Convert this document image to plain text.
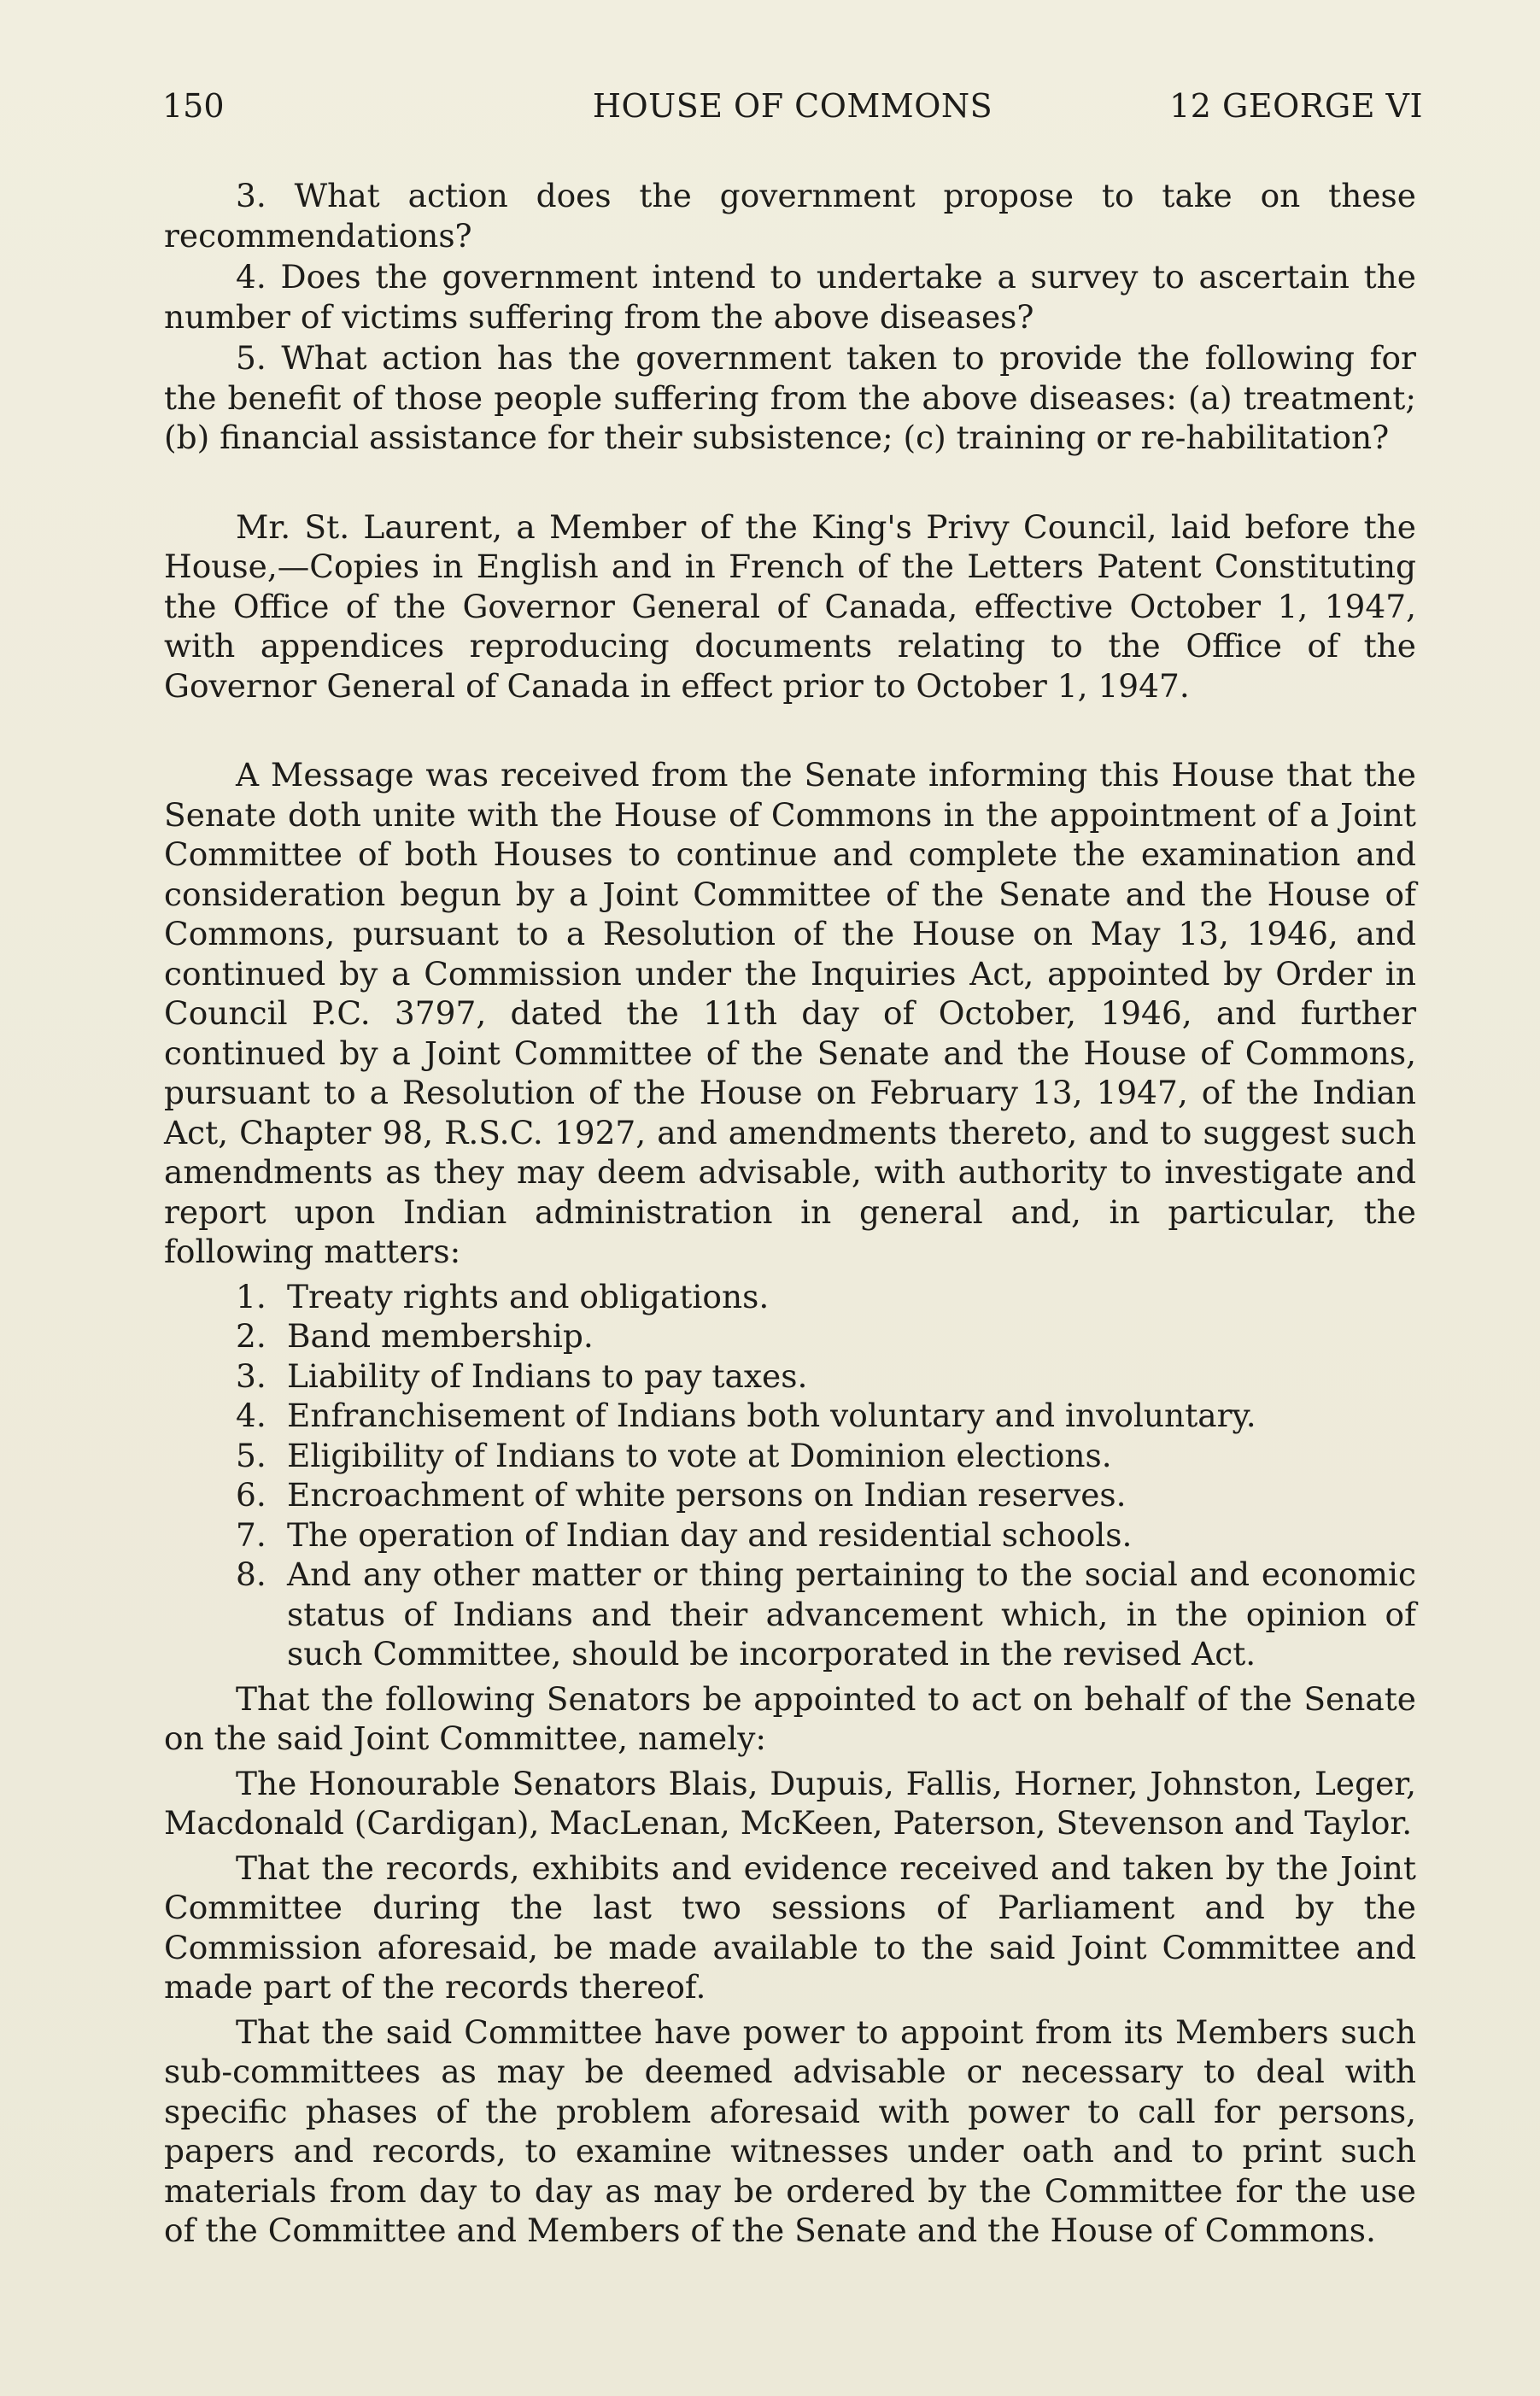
150	HOUSE OF COMMONS	12 GEORGE VI

3. What action does the government propose to take on these recommendations?

4. Does the government intend to undertake a survey to ascertain the number of victims suffering from the above diseases?

5. What action has the government taken to provide the following for the benefit of those people suffering from the above diseases: (a) treatment; (b) financial assistance for their subsistence; (c) training or re-habilitation?

Mr. St. Laurent, a Member of the King's Privy Council, laid before the House,—Copies in English and in French of the Letters Patent Constituting the Office of the Governor General of Canada, effective October 1, 1947, with appendices reproducing documents relating to the Office of the Governor General of Canada in effect prior to October 1, 1947.

A Message was received from the Senate informing this House that the Senate doth unite with the House of Commons in the appointment of a Joint Committee of both Houses to continue and complete the examination and consideration begun by a Joint Committee of the Senate and the House of Commons, pursuant to a Resolution of the House on May 13, 1946, and continued by a Commission under the Inquiries Act, appointed by Order in Council P.C. 3797, dated the 11th day of October, 1946, and further continued by a Joint Committee of the Senate and the House of Commons, pursuant to a Resolution of the House on February 13, 1947, of the Indian Act, Chapter 98, R.S.C. 1927, and amendments thereto, and to suggest such amendments as they may deem advisable, with authority to investigate and report upon Indian administration in general and, in particular, the following matters:

1. Treaty rights and obligations.
2. Band membership.
3. Liability of Indians to pay taxes.
4. Enfranchisement of Indians both voluntary and involuntary.
5. Eligibility of Indians to vote at Dominion elections.
6. Encroachment of white persons on Indian reserves.
7. The operation of Indian day and residential schools.
8. And any other matter or thing pertaining to the social and economic status of Indians and their advancement which, in the opinion of such Committee, should be incorporated in the revised Act.

That the following Senators be appointed to act on behalf of the Senate on the said Joint Committee, namely:

The Honourable Senators Blais, Dupuis, Fallis, Horner, Johnston, Leger, Macdonald (Cardigan), MacLenan, McKeen, Paterson, Stevenson and Taylor.

That the records, exhibits and evidence received and taken by the Joint Committee during the last two sessions of Parliament and by the Commission aforesaid, be made available to the said Joint Committee and made part of the records thereof.

That the said Committee have power to appoint from its Members such sub-committees as may be deemed advisable or necessary to deal with specific phases of the problem aforesaid with power to call for persons, papers and records, to examine witnesses under oath and to print such materials from day to day as may be ordered by the Committee for the use of the Committee and Members of the Senate and the House of Commons.
